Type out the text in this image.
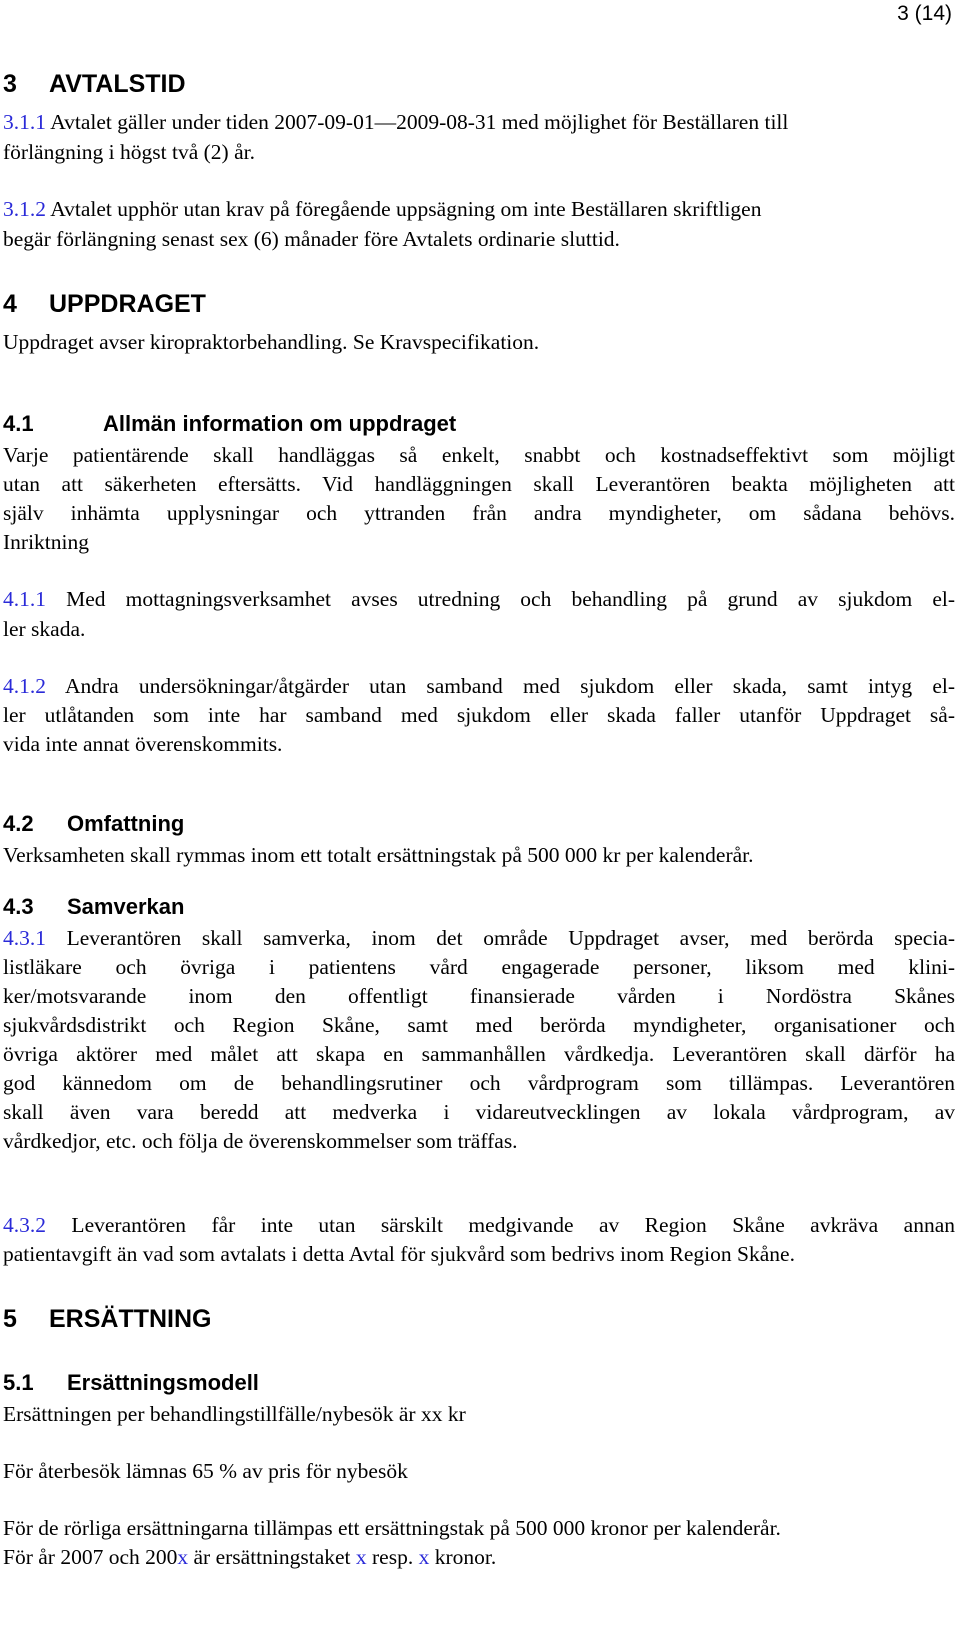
3 (14)
3 AVTALSTID
3.1.1 Avtalet gäller under tiden 2007-09-01—2009-08-31 med möjlighet för Beställaren till
förlängning i högst två (2) år.
3.1.2 Avtalet upphör utan krav på föregående uppsägning om inte Beställaren skriftligen
begär förlängning senast sex (6) månader före Avtalets ordinarie sluttid.
4 UPPDRAGET
Uppdraget avser kiropraktorbehandling. Se Kravspecifikation.
4.1	Allmän information om uppdraget
Varje patientärende skall handläggas så enkelt, snabbt och kostnadseffektivt som möjligt
utan att säkerheten eftersätts. Vid handläggningen skall Leverantören beakta möjligheten att
själv inhämta upplysningar och yttranden från andra myndigheter, om sådana behövs.
Inriktning
4.1.1 Med mottagningsverksamhet avses utredning och behandling på grund av sjukdom el-
ler skada.
4.1.2 Andra undersökningar/åtgärder utan samband med sjukdom eller skada, samt intyg el-
ler utlåtanden som inte har samband med sjukdom eller skada faller utanför Uppdraget så-
vida inte annat överenskommits.
4.2 Omfattning
Verksamheten skall rymmas inom ett totalt ersättningstak på 500 000 kr per kalenderår.
4.3 Samverkan
4.3.1 Leverantören skall samverka, inom det område Uppdraget avser, med berörda specia-
listläkare och övriga i patientens vård engagerade personer, liksom med klini-
ker/motsvarande inom den offentligt finansierade vården i Nordöstra Skånes
sjukvårdsdistrikt och Region Skåne, samt med berörda myndigheter, organisationer och
övriga aktörer med målet att skapa en sammanhållen vårdkedja. Leverantören skall därför ha
god kännedom om de behandlingsrutiner och vårdprogram som tillämpas. Leverantören
skall även vara beredd att medverka i vidareutvecklingen av lokala vårdprogram, av
vårdkedjor, etc. och följa de överenskommelser som träffas.
4.3.2 Leverantören får inte utan särskilt medgivande av Region Skåne avkräva annan
patientavgift än vad som avtalats i detta Avtal för sjukvård som bedrivs inom Region Skåne.
5 ERSÄTTNING
5.1 Ersättningsmodell
Ersättningen per behandlingstillfälle/nybesök är xx kr
För återbesök lämnas 65 % av pris för nybesök
För de rörliga ersättningarna tillämpas ett ersättningstak på 500 000 kronor per kalenderår.
För år 2007 och 200x är ersättningstaket x resp. x kronor.
